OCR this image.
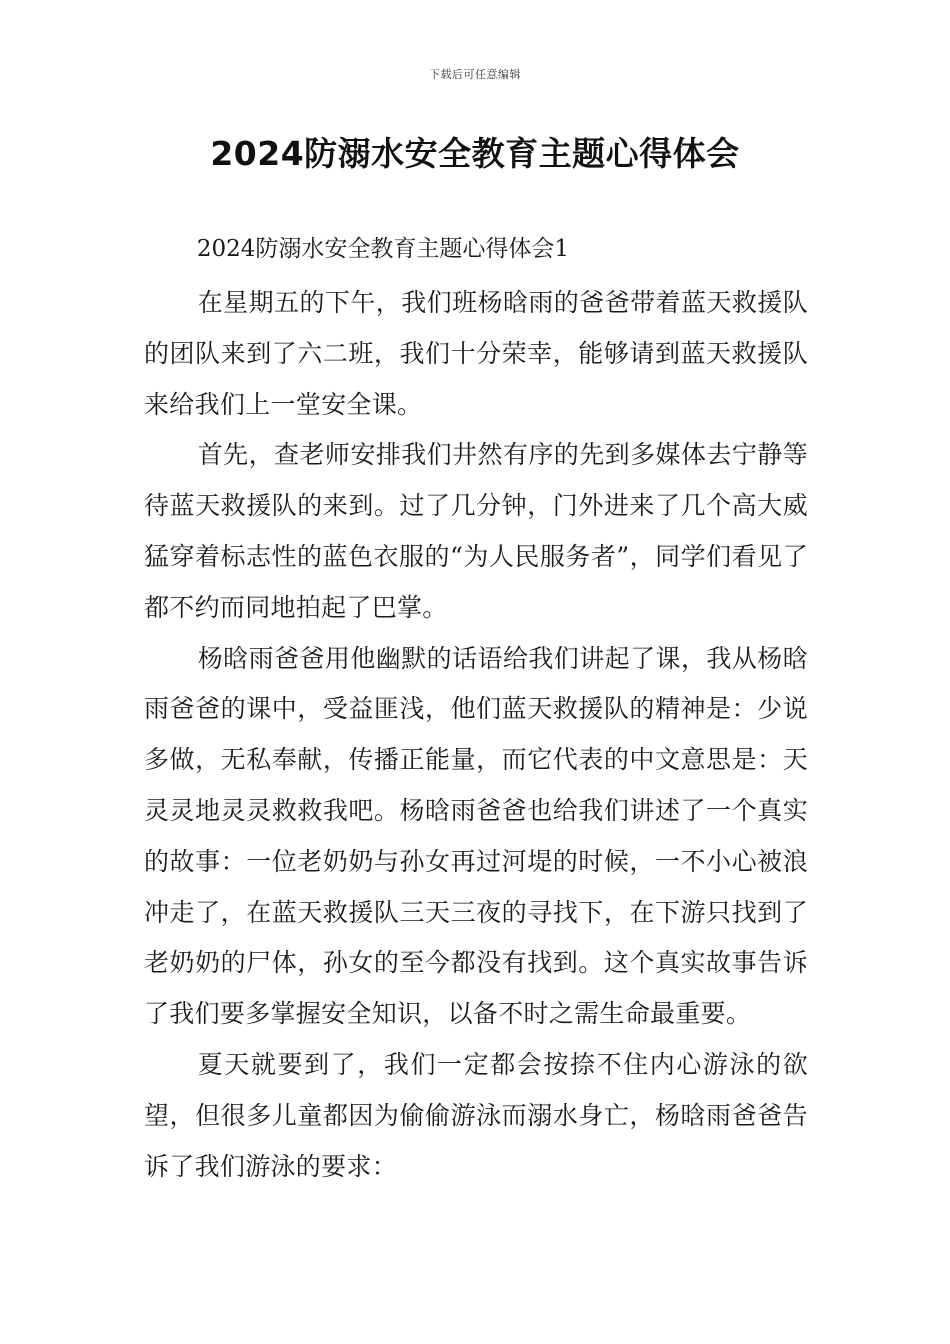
下载后可任意编辑
2024防溺水安全教育主题心得体会

2024防溺水安全教育主题心得体会1

在星期五的下午，我们班杨晗雨的爸爸带着蓝天救援队的团队来到了六二班，我们十分荣幸，能够请到蓝天救援队来给我们上一堂安全课。

首先，查老师安排我们井然有序的先到多媒体去宁静等待蓝天救援队的来到。过了几分钟，门外进来了几个高大威猛穿着标志性的蓝色衣服的“为人民服务者”，同学们看见了都不约而同地拍起了巴掌。

杨晗雨爸爸用他幽默的话语给我们讲起了课，我从杨晗雨爸爸的课中，受益匪浅，他们蓝天救援队的精神是：少说多做，无私奉献，传播正能量，而它代表的中文意思是：天灵灵地灵灵救救我吧。杨晗雨爸爸也给我们讲述了一个真实的故事：一位老奶奶与孙女再过河堤的时候，一不小心被浪冲走了，在蓝天救援队三天三夜的寻找下，在下游只找到了老奶奶的尸体，孙女的至今都没有找到。这个真实故事告诉了我们要多掌握安全知识，以备不时之需生命最重要。

夏天就要到了，我们一定都会按捺不住内心游泳的欲望，但很多儿童都因为偷偷游泳而溺水身亡，杨晗雨爸爸告诉了我们游泳的要求：
